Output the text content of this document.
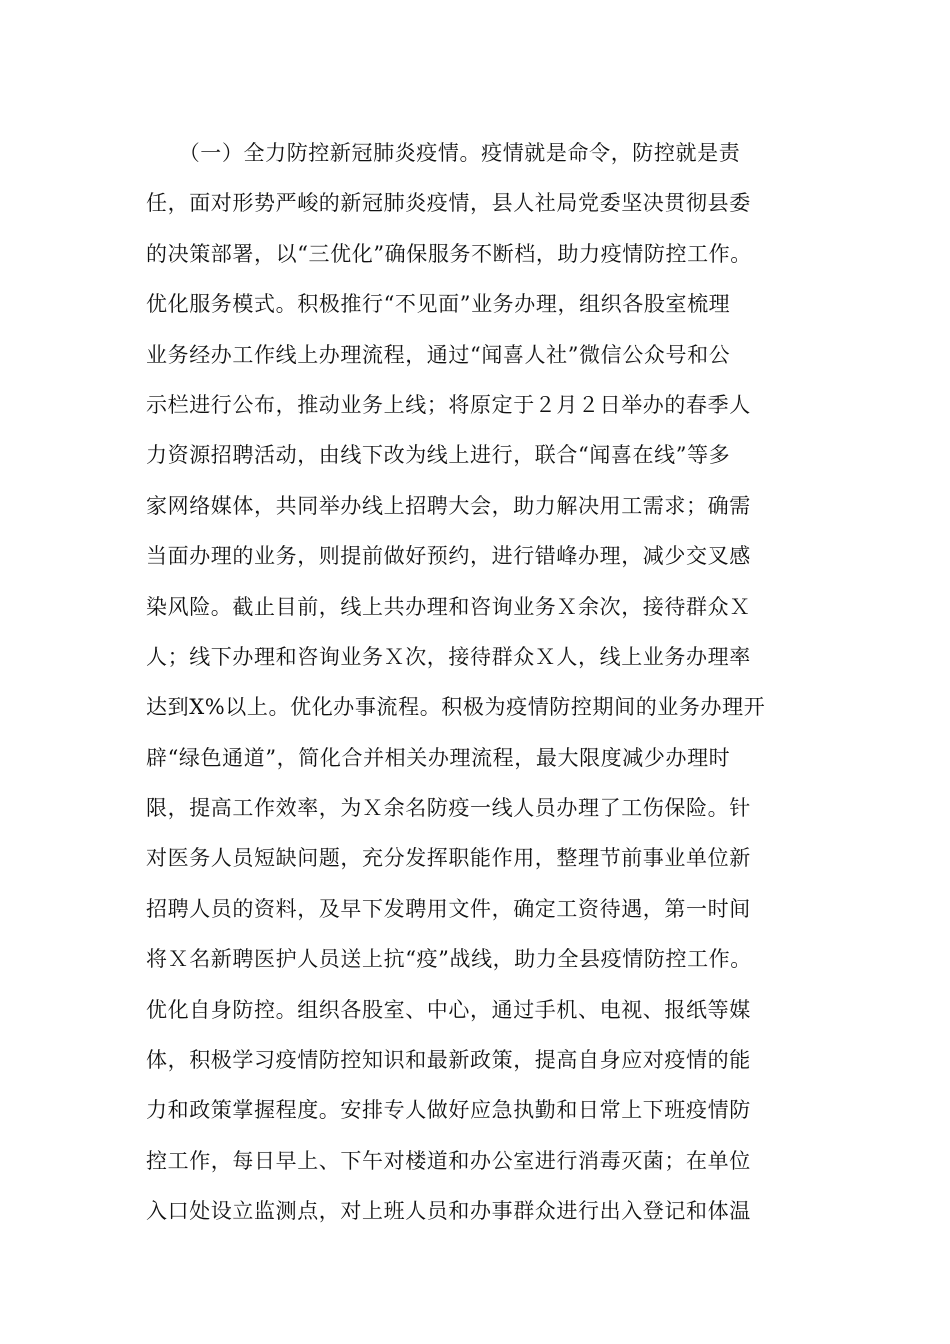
　　（一）全力防控新冠肺炎疫情。疫情就是命令，防控就是责
任，面对形势严峻的新冠肺炎疫情，县人社局党委坚决贯彻县委
的决策部署，以“三优化”确保服务不断档，助力疫情防控工作。
优化服务模式。积极推行“不见面”业务办理，组织各股室梳理
业务经办工作线上办理流程，通过“闻喜人社”微信公众号和公
示栏进行公布，推动业务上线；将原定于２月２日举办的春季人
力资源招聘活动，由线下改为线上进行，联合“闻喜在线”等多
家网络媒体，共同举办线上招聘大会，助力解决用工需求；确需
当面办理的业务，则提前做好预约，进行错峰办理，减少交叉感
染风险。截止目前，线上共办理和咨询业务Ｘ余次，接待群众Ｘ
人；线下办理和咨询业务Ｘ次，接待群众Ｘ人，线上业务办理率
达到X%以上。优化办事流程。积极为疫情防控期间的业务办理开
辟“绿色通道”，简化合并相关办理流程，最大限度减少办理时
限，提高工作效率，为Ｘ余名防疫一线人员办理了工伤保险。针
对医务人员短缺问题，充分发挥职能作用，整理节前事业单位新
招聘人员的资料，及早下发聘用文件，确定工资待遇，第一时间
将Ｘ名新聘医护人员送上抗“疫”战线，助力全县疫情防控工作。
优化自身防控。组织各股室、中心，通过手机、电视、报纸等媒
体，积极学习疫情防控知识和最新政策，提高自身应对疫情的能
力和政策掌握程度。安排专人做好应急执勤和日常上下班疫情防
控工作，每日早上、下午对楼道和办公室进行消毒灭菌；在单位
入口处设立监测点，对上班人员和办事群众进行出入登记和体温
